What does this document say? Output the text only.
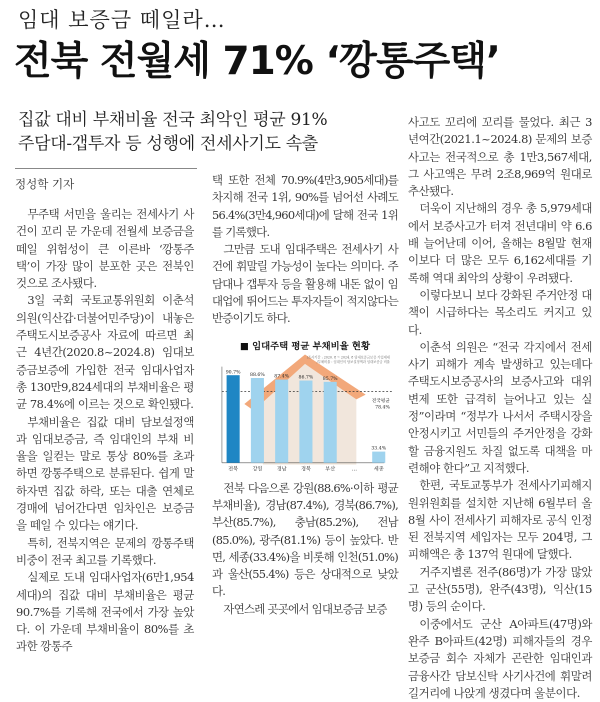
임대 보증금 떼일라…
전북 전월세 71% ‘깡통주택’
집값 대비 부채비율 전국 최악인 평균 91%
주담대-갭투자 등 성행에 전세사기도 속출
정성학 기자

무주택 서민을 울리는 전세사기 사건이 꼬리 문 가운데 전월세 보증금을 떼일 위험성이 큰 이른바 ‘깡통주택’이 가장 많이 분포한 곳은 전북인 것으로 조사됐다.

3일 국회 국토교통위원회 이춘석 의원(익산갑·더불어민주당)이 내놓은 주택도시보증공사 자료에 따르면 최근 4년간(2020.8~2024.8) 임대보증금보증에 가입한 전국 임대사업자 총 130만9,824세대의 부채비율은 평균 78.4%에 이르는 것으로 확인됐다.

부채비율은 집값 대비 담보설정액과 임대보증금, 즉 임대인의 부채 비율을 일컫는 말로 통상 80%를 초과하면 깡통주택으로 분류된다. 쉽게 말하자면 집값 하락, 또는 대출 연체로 경매에 넘어간다면 임차인은 보증금을 떼일 수 있다는 얘기다.

특히, 전북지역은 문제의 깡통주택 비중이 전국 최고를 기록했다.

실제로 도내 임대사업자(6만1,954세대)의 집값 대비 부채비율은 평균 90.7%를 기록해 전국에서 가장 높았다. 이 가운데 부채비율이 80%를 초과한 깡통주

택 또한 전체 70.9%(4만3,905세대)를 차지해 전국 1위, 90%를 넘어선 사례도 56.4%(3만4,960세대)에 달해 전국 1위를 기록했다.

그만큼 도내 임대주택은 전세사기 사건에 휘말릴 가능성이 높다는 의미다. 주담대나 갭투자 등을 활용해 내돈 없이 임대업에 뛰어드는 투자자들이 적지않다는 반증이기도 하다.

■ 임대주택 평균 부채비율 현황
/조사기간 : 2020. 8 ~ 2024. 8 임대보증금보증 가입세대
/부채비율 : 임대인의 담보설정액과 임대보증금 비율
90.7%
전북
88.6%
강원
87.4%
경남
86.7%
경북
85.7%
부산	…
33.4%
세종
전국평균
78.4%

전북 다음으론 강원(88.6%·이하 평균 부채비율), 경남(87.4%), 경북(86.7%), 부산(85.7%), 충남(85.2%), 전남(85.0%), 광주(81.1%) 등이 높았다. 반면, 세종(33.4%)을 비롯해 인천(51.0%)과 울산(55.4%) 등은 상대적으로 낮았다.

자연스레 곳곳에서 임대보증금 보증

사고도 꼬리에 꼬리를 물었다. 최근 3년여간(2021.1~2024.8) 문제의 보증사고는 전국적으로 총 1만3,567세대, 그 사고액은 무려 2조8,969억 원대로 추산됐다.

더욱이 지난해의 경우 총 5,979세대에서 보증사고가 터져 전년대비 약 6.6배 늘어난데 이어, 올해는 8월말 현재 이보다 더 많은 모두 6,162세대를 기록해 역대 최악의 상황이 우려됐다.

이렇다보니 보다 강화된 주거안정 대책이 시급하다는 목소리도 커지고 있다.

이춘석 의원은 “전국 각지에서 전세사기 피해가 계속 발생하고 있는데다 주택도시보증공사의 보증사고와 대위변제 또한 급격히 늘어나고 있는 실정”이라며 “정부가 나서서 주택시장을 안정시키고 서민들의 주거안정을 강화할 금융지원도 차질 없도록 대책을 마련해야 한다”고 지적했다.

한편, 국토교통부가 전세사기피해지원위원회를 설치한 지난해 6월부터 올 8월 사이 전세사기 피해자로 공식 인정된 전북지역 세입자는 모두 204명, 그 피해액은 총 137억 원대에 달했다.

거주지별론 전주(86명)가 가장 많았고 군산(55명), 완주(43명), 익산(15명) 등의 순이다.

이중에서도 군산 A아파트(47명)와 완주 B아파트(42명) 피해자들의 경우 보증금 회수 자체가 곤란한 임대인과 금융사간 담보신탁 사기사건에 휘말려 길거리에 나앉게 생겼다며 울분이다.
